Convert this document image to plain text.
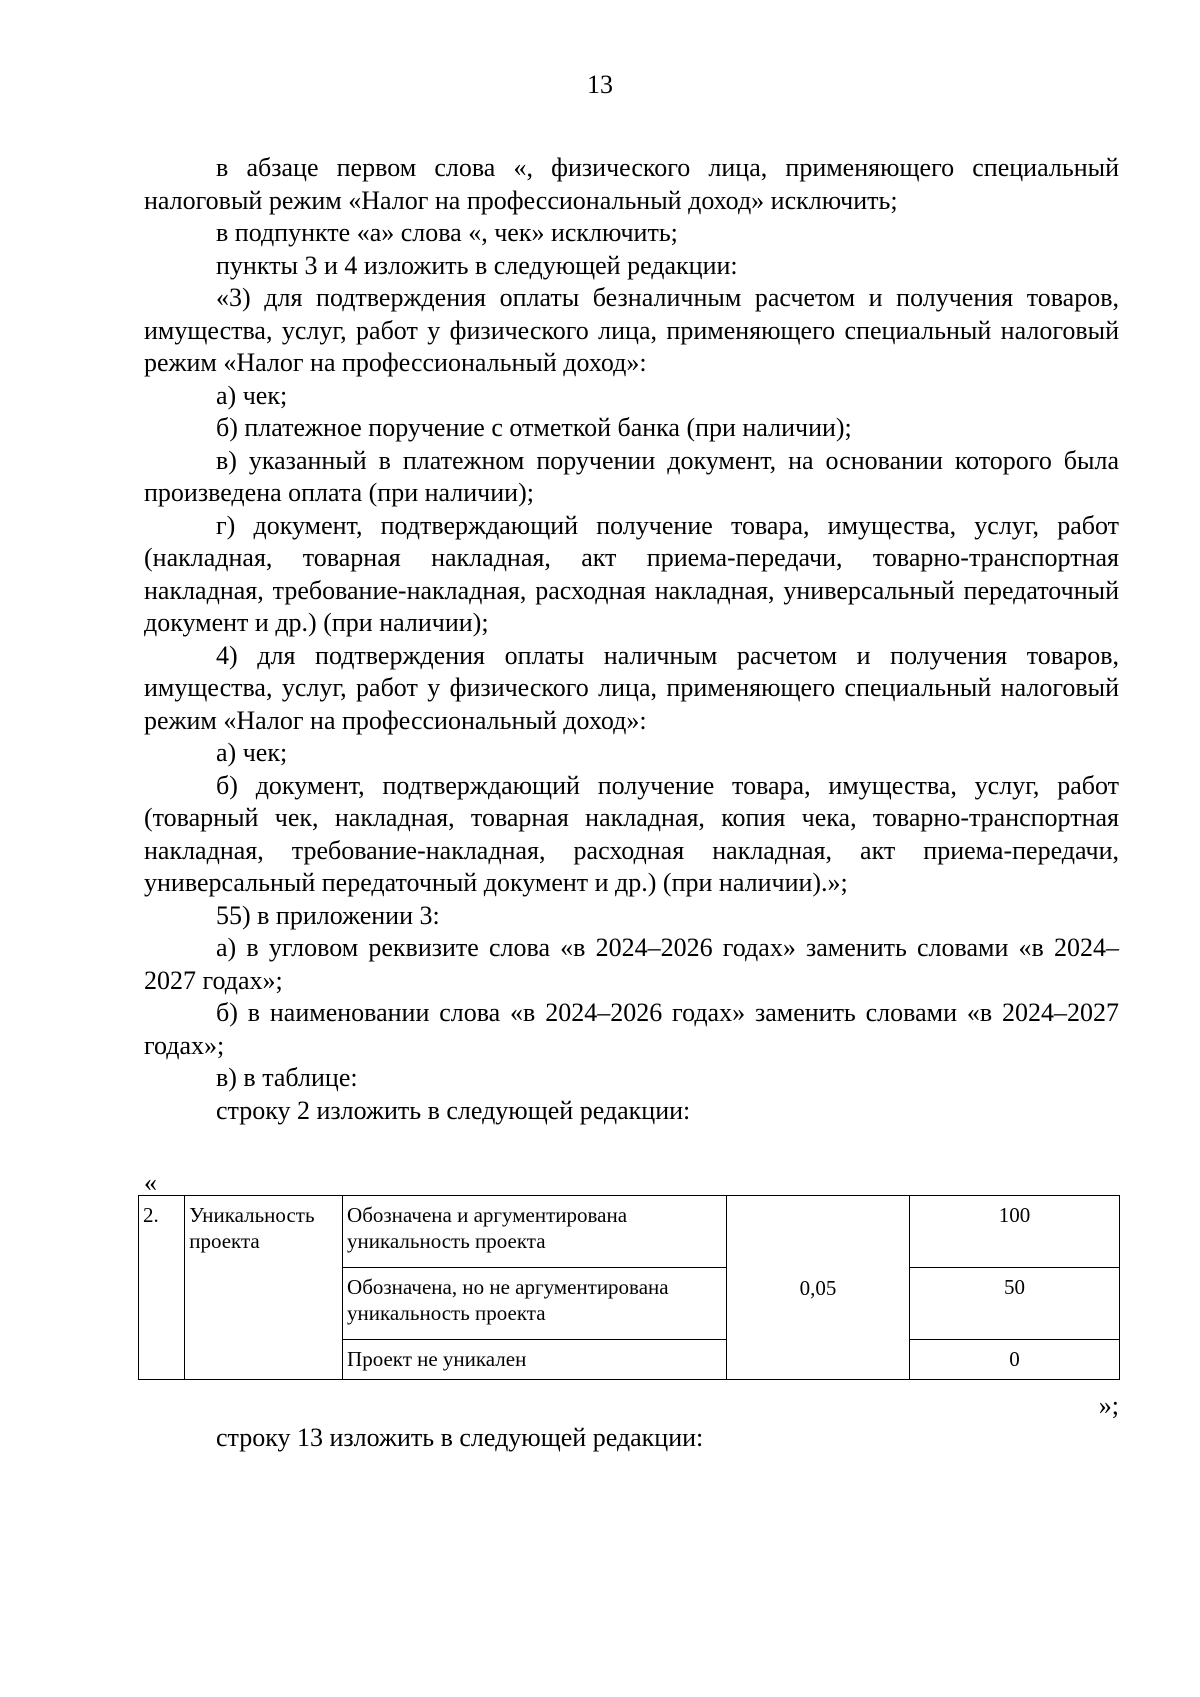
13

в абзаце первом слова «, физического лица, применяющего специальный налоговый режим «Налог на профессиональный доход» исключить;

в подпункте «а» слова «, чек» исключить;

пункты 3 и 4 изложить в следующей редакции:

«3) для подтверждения оплаты безналичным расчетом и получения товаров, имущества, услуг, работ у физического лица, применяющего специальный налоговый режим «Налог на профессиональный доход»:

а) чек;

б) платежное поручение с отметкой банка (при наличии);

в) указанный в платежном поручении документ, на основании которого была произведена оплата (при наличии);

г) документ, подтверждающий получение товара, имущества, услуг, работ (накладная, товарная накладная, акт приема-передачи, товарно-транспортная накладная, требование-накладная, расходная накладная, универсальный передаточный документ и др.) (при наличии);

4) для подтверждения оплаты наличным расчетом и получения товаров, имущества, услуг, работ у физического лица, применяющего специальный налоговый режим «Налог на профессиональный доход»:

а) чек;

б) документ, подтверждающий получение товара, имущества, услуг, работ (товарный чек, накладная, товарная накладная, копия чека, товарно-транспортная накладная, требование-накладная, расходная накладная, акт приема-передачи, универсальный передаточный документ и др.) (при наличии).»;

55) в приложении 3:

а) в угловом реквизите слова «в 2024–2026 годах» заменить словами «в 2024–2027 годах»;

б) в наименовании слова «в 2024–2026 годах» заменить словами «в 2024–2027 годах»;

в) в таблице:

строку 2 изложить в следующей редакции:

«
2.	Уникальность проекта	Обозначена и аргументирована уникальность проекта	0,05	100
		Обозначена, но не аргументирована уникальность проекта		50
		Проект не уникален		0
»;

строку 13 изложить в следующей редакции:
